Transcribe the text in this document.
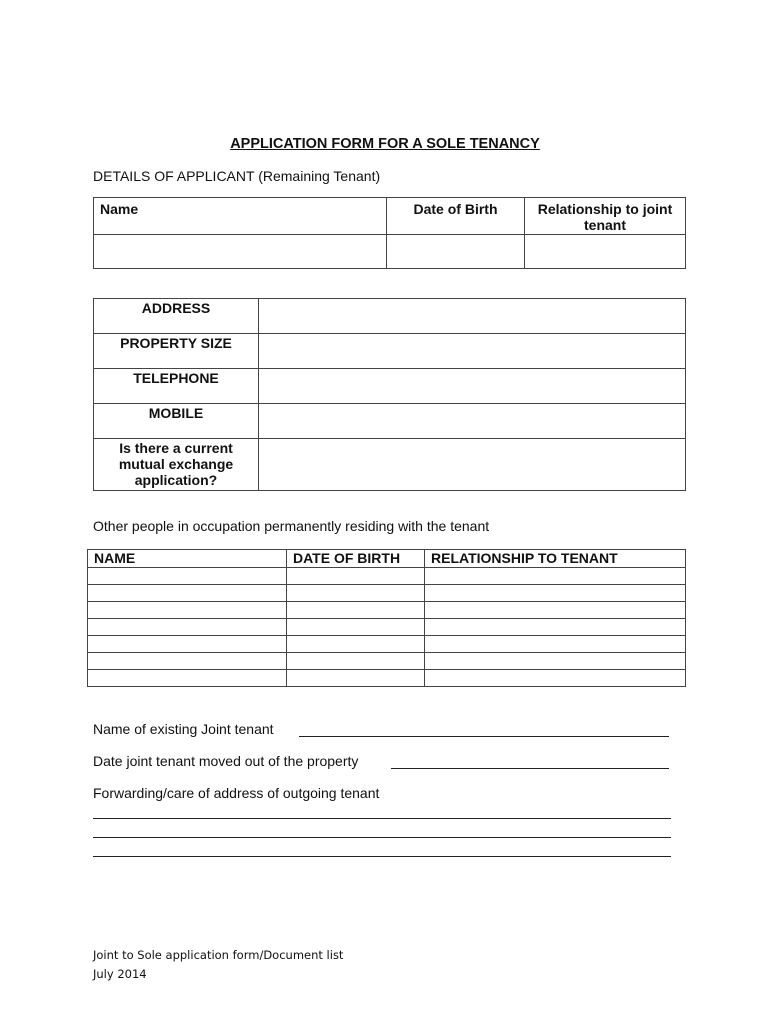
APPLICATION FORM FOR A SOLE TENANCY
DETAILS OF APPLICANT (Remaining Tenant)
Name	Date of Birth	Relationship to joint tenant

ADDRESS	
PROPERTY SIZE	
TELEPHONE	
MOBILE	
Is there a current mutual exchange application?	
Other people in occupation permanently residing with the tenant
NAME	DATE OF BIRTH	RELATIONSHIP TO TENANT

Name of existing Joint tenant
Date joint tenant moved out of the property
Forwarding/care of address of outgoing tenant
Joint to Sole application form/Document list
July 2014
